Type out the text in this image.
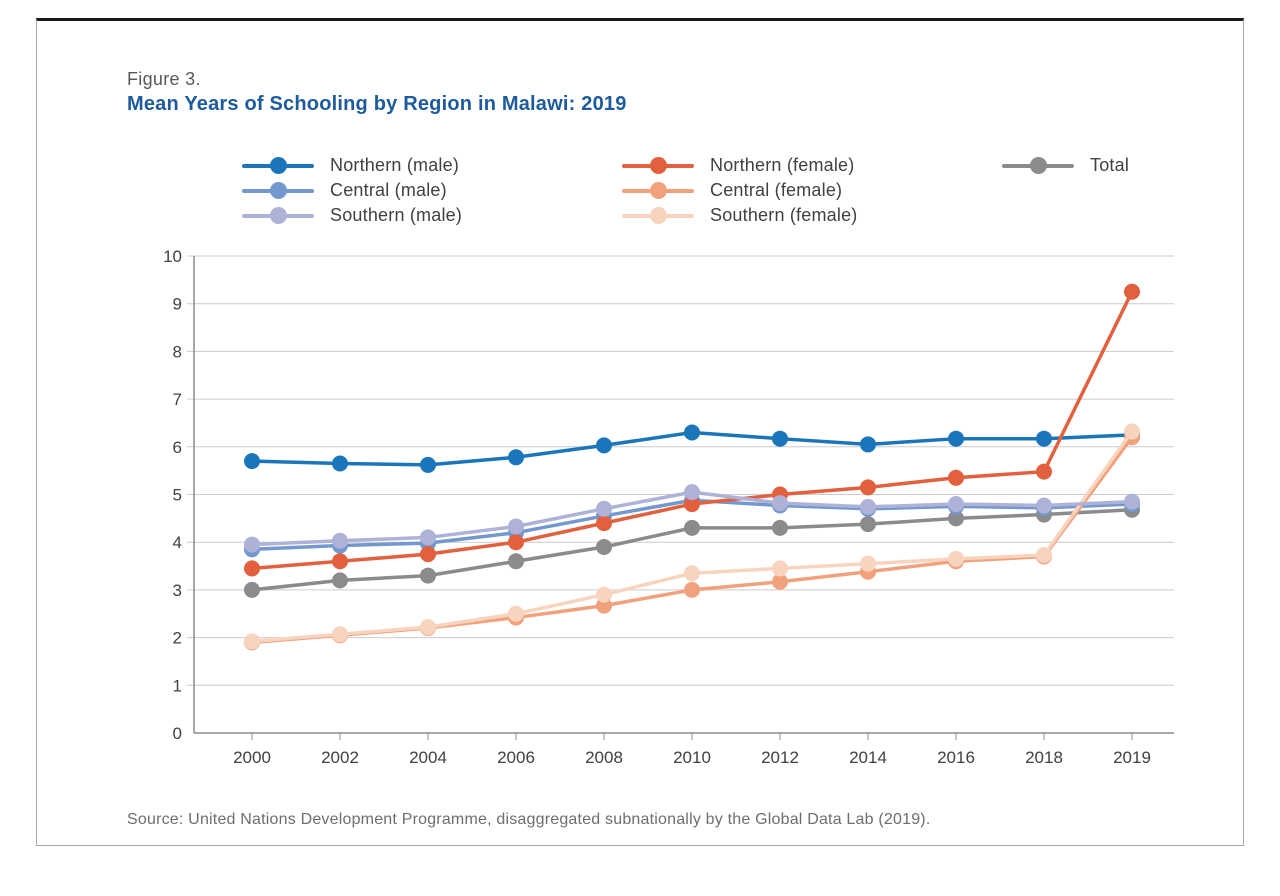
Figure 3.
Mean Years of Schooling by Region in Malawi: 2019
Northern (male)
Central (male)
Southern (male)
Northern (female)
Central (female)
Southern (female)
Total
0
1
2
3
4
5
6
7
8
9
10
2000	2002	2004	2006	2008	2010	2012	2014	2016	2018	2019
Source: United Nations Development Programme, disaggregated subnationally by the Global Data Lab (2019).
